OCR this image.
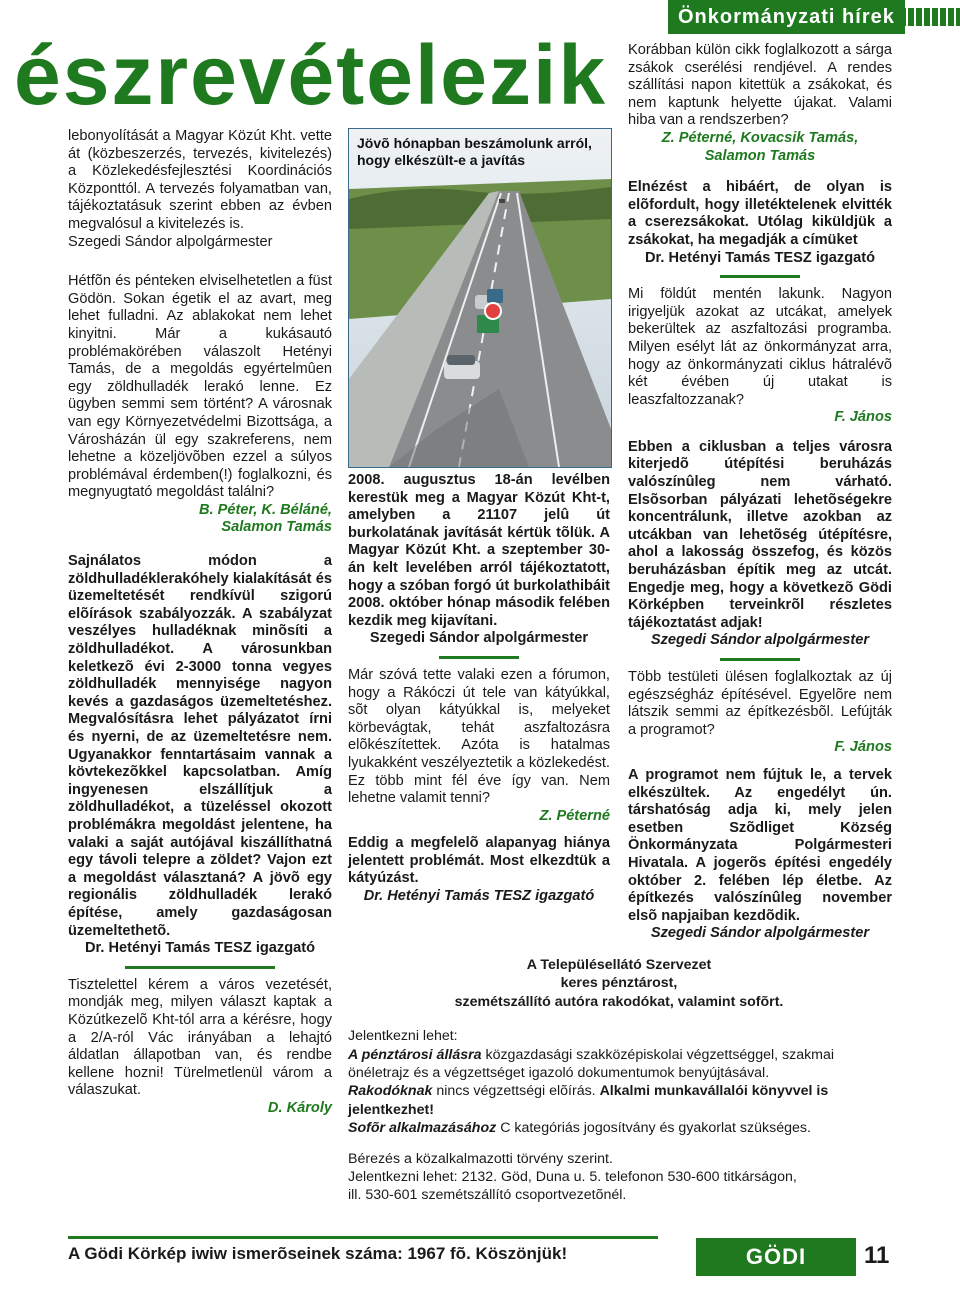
észrevételezik
Önkormányzati hírek

lebonyolítását a Magyar Közút Kht. vette át (közbeszerzés, tervezés, kivitelezés) a Közlekedésfejlesztési Koordinációs Központtól. A tervezés folyamatban van, tájékoztatásuk szerint ebben az évben megvalósul a kivitelezés is.

Szegedi Sándor alpolgármester

Hétfõn és pénteken elviselhetetlen a füst Gödön. Sokan égetik el az avart, meg lehet fulladni. Az ablakokat nem lehet kinyitni. Már a kukásautó problémakörében válaszolt Hetényi Tamás, de a megoldás egyértelmûen egy zöldhulladék lerakó lenne. Ez ügyben semmi sem történt? A városnak van egy Környezetvédelmi Bizottsága, a Városházán ül egy szakreferens, nem lehetne a közeljövõben ezzel a súlyos problémával érdemben(!) foglalkozni, és megnyugtató megoldást találni?

B. Péter, K. Béláné,

Salamon Tamás

Sajnálatos módon a zöldhulladéklerakóhely kialakítását és üzemeltetését rendkívül szigorú elõírások szabályozzák. A szabályzat veszélyes hulladéknak minõsíti a zöldhulladékot. A városunkban keletkezõ évi 2-3000 tonna vegyes zöldhulladék mennyisége nagyon kevés a gazdaságos üzemeltetéshez. Megvalósításra lehet pályázatot írni és nyerni, de az üzemeltetésre nem. Ugyanakkor fenntartásaim vannak a kövtekezõkkel kapcsolatban. Amíg ingyenesen elszállítjuk a zöldhulladékot, a tüzeléssel okozott problémákra megoldást jelentene, ha valaki a saját autójával kiszállíthatná egy távoli telepre a zöldet? Vajon ezt a megoldást választaná? A jövõ egy regionális zöldhulladék lerakó építése, amely gazdaságosan üzemeltethetõ.

Dr. Hetényi Tamás TESZ igazgató

Tisztelettel kérem a város vezetését, mondják meg, milyen választ kaptak a Közútkezelõ Kht-tól arra a kérésre, hogy a 2/A-ról Vác irányában a lehajtó áldatlan állapotban van, és rendbe kellene hozni! Türelmetlenül várom a válaszukat.

D. Károly

Jövõ hónapban beszámolunk arról, hogy elkészült-e a javítás

2008. augusztus 18-án levélben kerestük meg a Magyar Közút Kht-t, amelyben a 21107 jelû út burkolatának javítását kértük tõlük. A Magyar Közút Kht. a szeptember 30-án kelt levelében arról tájékoztatott, hogy a szóban forgó út burkolathibáit 2008. október hónap második felében kezdik meg kijavítani.

Szegedi Sándor alpolgármester

Már szóvá tette valaki ezen a fórumon, hogy a Rákóczi út tele van kátyúkkal, sõt olyan kátyúkkal is, melyeket körbevágtak, tehát aszfaltozásra elõkészítettek. Azóta is hatalmas lyukakként veszélyeztetik a közlekedést. Ez több mint fél éve így van. Nem lehetne valamit tenni?

Z. Péterné

Eddig a megfelelõ alapanyag hiánya jelentett problémát. Most elkezdtük a kátyúzást.

Dr. Hetényi Tamás TESZ igazgató

Korábban külön cikk foglalkozott a sárga zsákok cserélési rendjével. A rendes szállítási napon kitettük a zsákokat, és nem kaptunk helyette újakat. Valami hiba van a rendszerben?

Z. Péterné, Kovacsik Tamás,

Salamon Tamás

Elnézést a hibáért, de olyan is elõfordult, hogy illetéktelenek elvitték a cserezsákokat. Utólag kiküldjük a zsákokat, ha megadják a címüket

Dr. Hetényi Tamás TESZ igazgató

Mi földút mentén lakunk. Nagyon irigyeljük azokat az utcákat, amelyek bekerültek az aszfaltozási programba. Milyen esélyt lát az önkormányzat arra, hogy az önkormányzati ciklus hátralévõ két évében új utakat is leaszfaltozzanak?

F. János

Ebben a ciklusban a teljes városra kiterjedõ útépítési beruházás valószínûleg nem várható. Elsõsorban pályázati lehetõségekre koncentrálunk, illetve azokban az utcákban van lehetõség útépítésre, ahol a lakosság összefog, és közös beruházásban építik meg az utcát. Engedje meg, hogy a következõ Gödi Körképben terveinkrõl részletes tájékoztatást adjak!

Szegedi Sándor alpolgármester

Több testületi ülésen foglalkoztak az új egészségház építésével. Egyelõre nem látszik semmi az építkezésbõl. Lefújták a programot?

F. János

A programot nem fújtuk le, a tervek elkészültek. Az engedélyt ún. társhatóság adja ki, mely jelen esetben Szõdliget Község Önkormányzata Polgármesteri Hivatala. A jogerõs építési engedély október 2. felében lép életbe. Az építkezés valószínûleg november elsõ napjaiban kezdõdik.

Szegedi Sándor alpolgármester

A Településellátó Szervezet
keres pénztárost,
szemétszállító autóra rakodókat, valamint sofõrt.
Jelentkezni lehet:
A pénztárosi állásra közgazdasági szakközépiskolai végzettséggel, szakmai önéletrajz és a végzettséget igazoló dokumentumok benyújtásával.
Rakodóknak nincs végzettségi elõírás. Alkalmi munkavállalói könyvvel is jelentkezhet!
Sofõr alkalmazásához C kategóriás jogosítvány és gyakorlat szükséges.
Bérezés a közalkalmazotti törvény szerint.
Jelentkezni lehet: 2132. Göd, Duna u. 5. telefonon 530-600 titkárságon,
ill. 530-601 szemétszállító csoportvezetõnél.
A Gödi Körkép iwiw ismerõseinek száma: 1967 fõ. Köszönjük!	GÖDI KÖRKÉP
11
